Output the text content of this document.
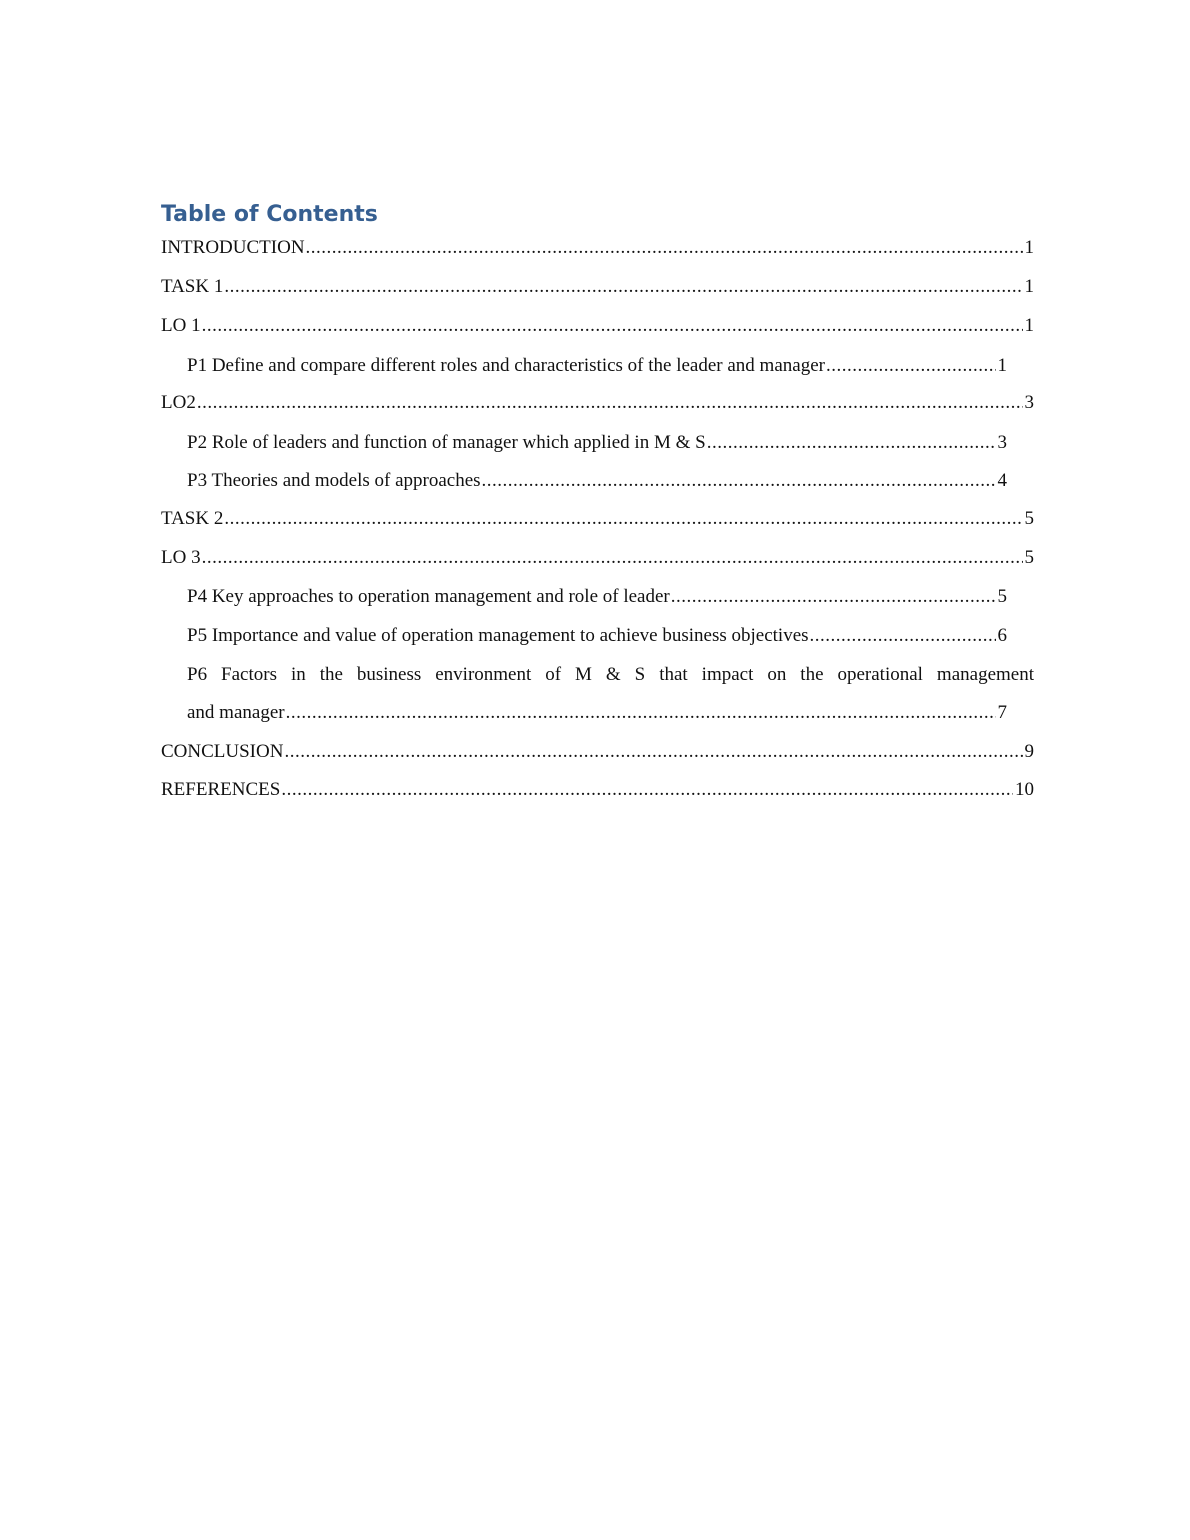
Table of Contents
INTRODUCTION .....	1
TASK 1 .....	1
LO 1 .....	1
P1 Define and compare different roles and characteristics of the leader and manager .....	1
LO2 .....	3
P2 Role of leaders and function of manager which applied in M & S .....	3
P3 Theories and models of approaches .....	4
TASK 2 .....	5
LO 3 .....	5
P4 Key approaches to operation management and role of leader .....	5
P5 Importance and value of operation management to achieve business objectives .....	6
P6 Factors in the business environment of M & S that impact on the operational management
and manager .....	7
CONCLUSION .....	9
REFERENCES .....	10
